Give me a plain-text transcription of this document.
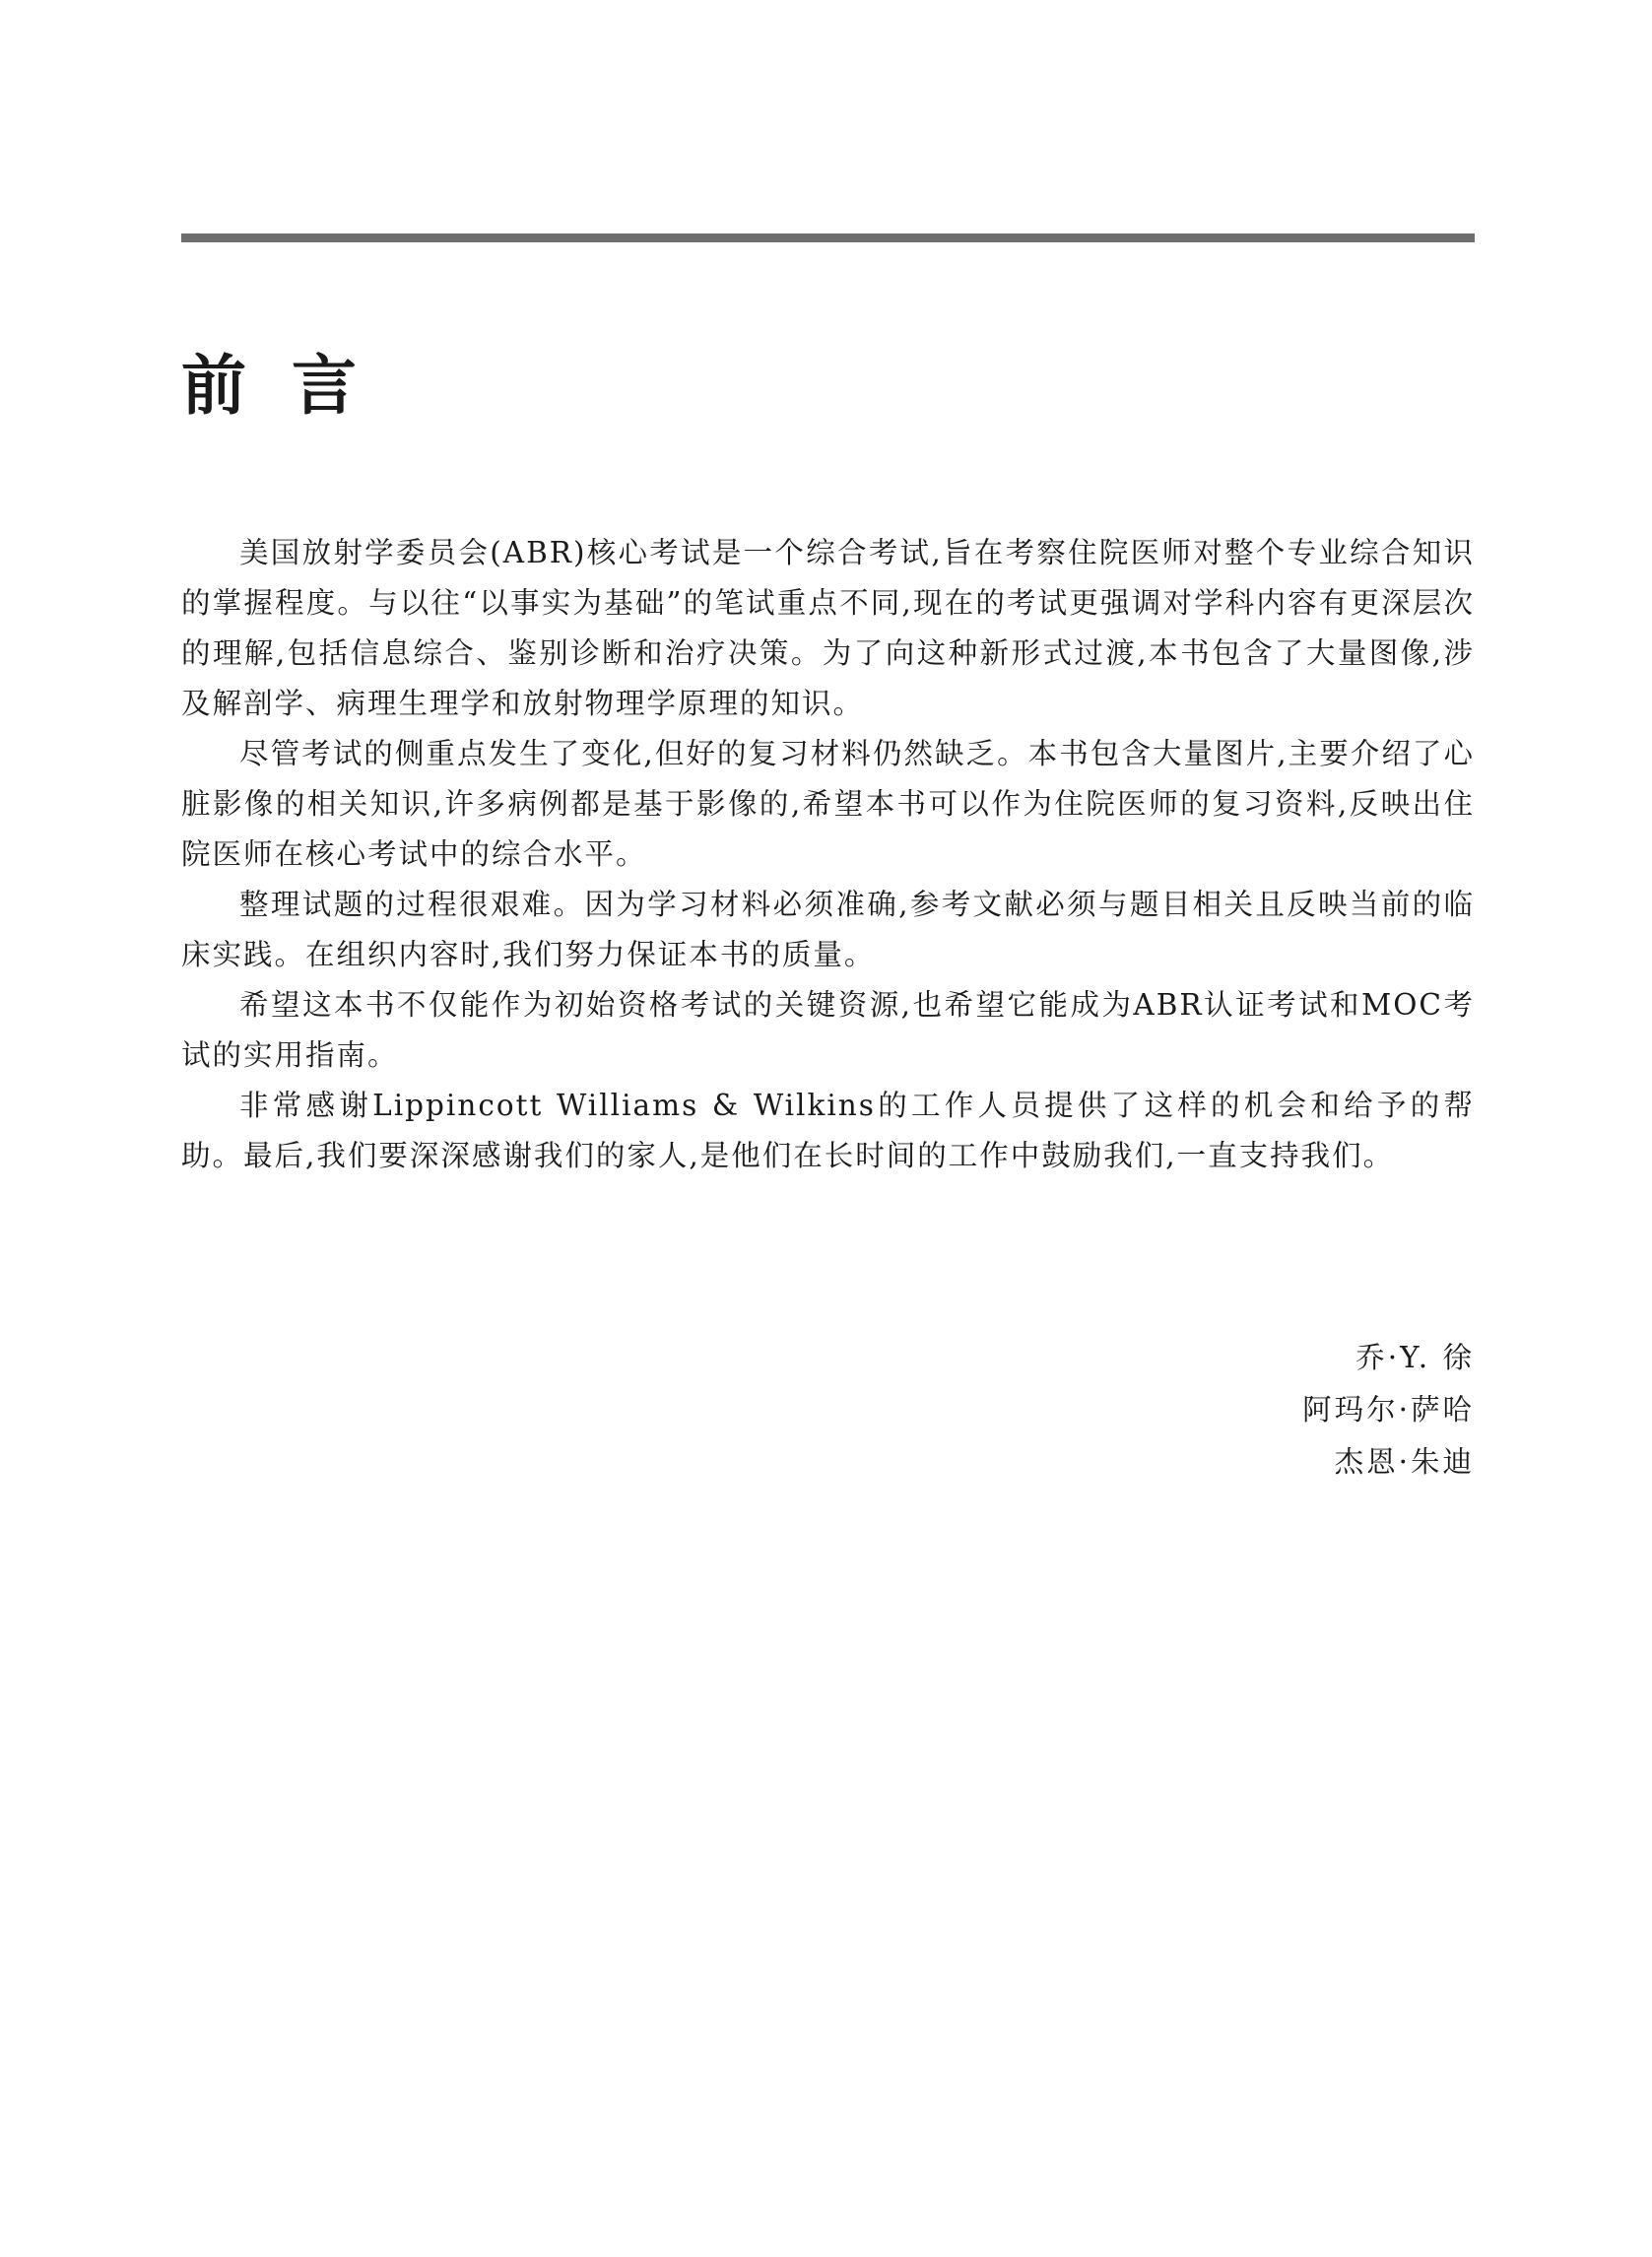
前言

美国放射学委员会(ABR)核心考试是一个综合考试,旨在考察住院医师对整个专业综合知识的掌握程度。与以往“以事实为基础”的笔试重点不同,现在的考试更强调对学科内容有更深层次的理解,包括信息综合、鉴别诊断和治疗决策。为了向这种新形式过渡,本书包含了大量图像,涉及解剖学、病理生理学和放射物理学原理的知识。

尽管考试的侧重点发生了变化,但好的复习材料仍然缺乏。本书包含大量图片,主要介绍了心脏影像的相关知识,许多病例都是基于影像的,希望本书可以作为住院医师的复习资料,反映出住院医师在核心考试中的综合水平。

整理试题的过程很艰难。因为学习材料必须准确,参考文献必须与题目相关且反映当前的临床实践。在组织内容时,我们努力保证本书的质量。

希望这本书不仅能作为初始资格考试的关键资源,也希望它能成为ABR认证考试和MOC考试的实用指南。

非常感谢Lippincott Williams & Wilkins的工作人员提供了这样的机会和给予的帮助。最后,我们要深深感谢我们的家人,是他们在长时间的工作中鼓励我们,一直支持我们。

乔·Y. 徐
阿玛尔·萨哈
杰恩·朱迪
